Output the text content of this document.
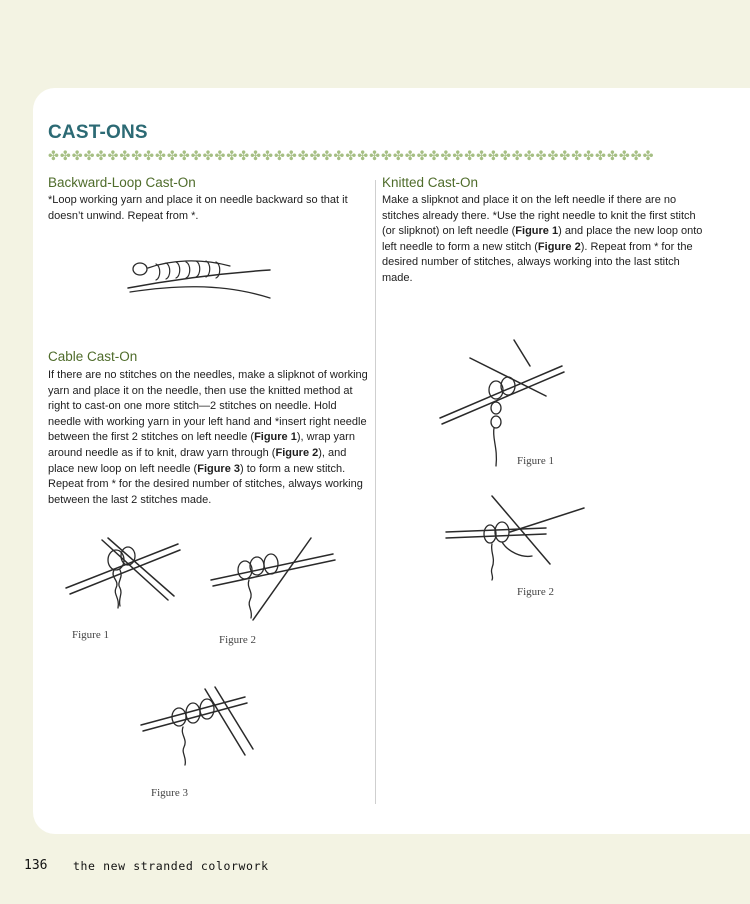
CAST-ONS
✤✤✤✤✤✤✤✤✤✤✤✤✤✤✤✤✤✤✤✤✤✤✤✤✤✤✤✤✤✤✤✤✤✤✤✤✤✤✤✤✤✤✤✤✤✤✤✤✤✤✤
Backward-Loop Cast-On

*Loop working yarn and place it on needle backward so that it doesn’t unwind. Repeat from *.

Cable Cast-On

If there are no stitches on the needles, make a slipknot of working yarn and place it on the needle, then use the knitted method at right to cast-on one more stitch—2 stitches on needle. Hold needle with working yarn in your left hand and *insert right needle between the first 2 stitches on left needle (Figure 1), wrap yarn around needle as if to knit, draw yarn through (Figure 2), and place new loop on left needle (Figure 3) to form a new stitch. Repeat from * for the desired number of stitches, always working between the last 2 stitches made.

Figure 1	Figure 2
Figure 3
Knitted Cast-On

Make a slipknot and place it on the left needle if there are no stitches already there. *Use the right needle to knit the first stitch (or slipknot) on left needle (Figure 1) and place the new loop onto left needle to form a new stitch (Figure 2). Repeat from * for the desired number of stitches, always working into the last stitch made.

Figure 1
Figure 2
136 the new stranded colorwork
